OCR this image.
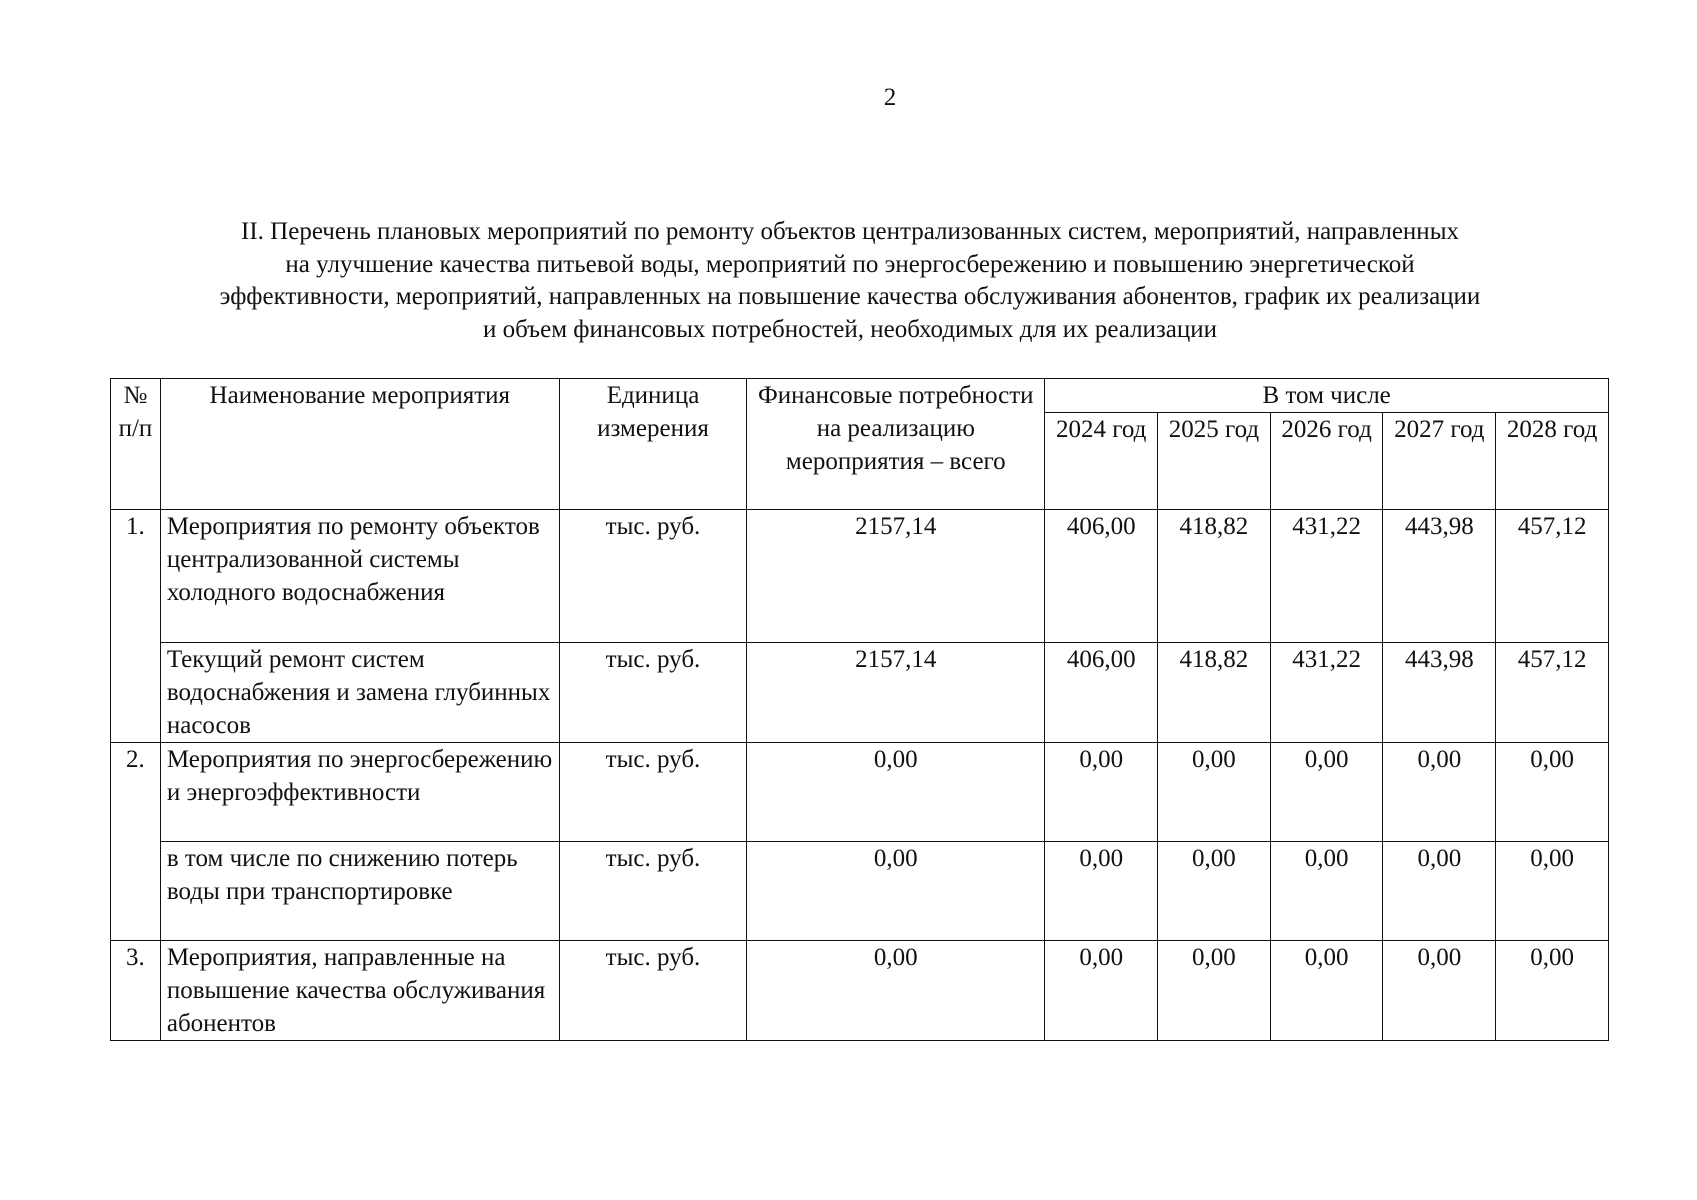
2
II. Перечень плановых мероприятий по ремонту объектов централизованных систем, мероприятий, направленных
на улучшение качества питьевой воды, мероприятий по энергосбережению и повышению энергетической
эффективности, мероприятий, направленных на повышение качества обслуживания абонентов, график их реализации
и объем финансовых потребностей, необходимых для их реализации
№ п/п	Наименование мероприятия	Единица измерения	Финансовые потребности на реализацию мероприятия – всего	В том числе				
				2024 год	2025 год	2026 год	2027 год	2028 год
1.	Мероприятия по ремонту объектов централизованной системы холодного водоснабжения	тыс. руб.	2157,14	406,00	418,82	431,22	443,98	457,12
	Текущий ремонт систем водоснабжения и замена глубинных насосов	тыс. руб.	2157,14	406,00	418,82	431,22	443,98	457,12
2.	Мероприятия по энергосбережению и энергоэффективности	тыс. руб.	0,00	0,00	0,00	0,00	0,00	0,00
	в том числе по снижению потерь воды при транспортировке	тыс. руб.	0,00	0,00	0,00	0,00	0,00	0,00
3.	Мероприятия, направленные на повышение качества обслуживания абонентов	тыс. руб.	0,00	0,00	0,00	0,00	0,00	0,00
